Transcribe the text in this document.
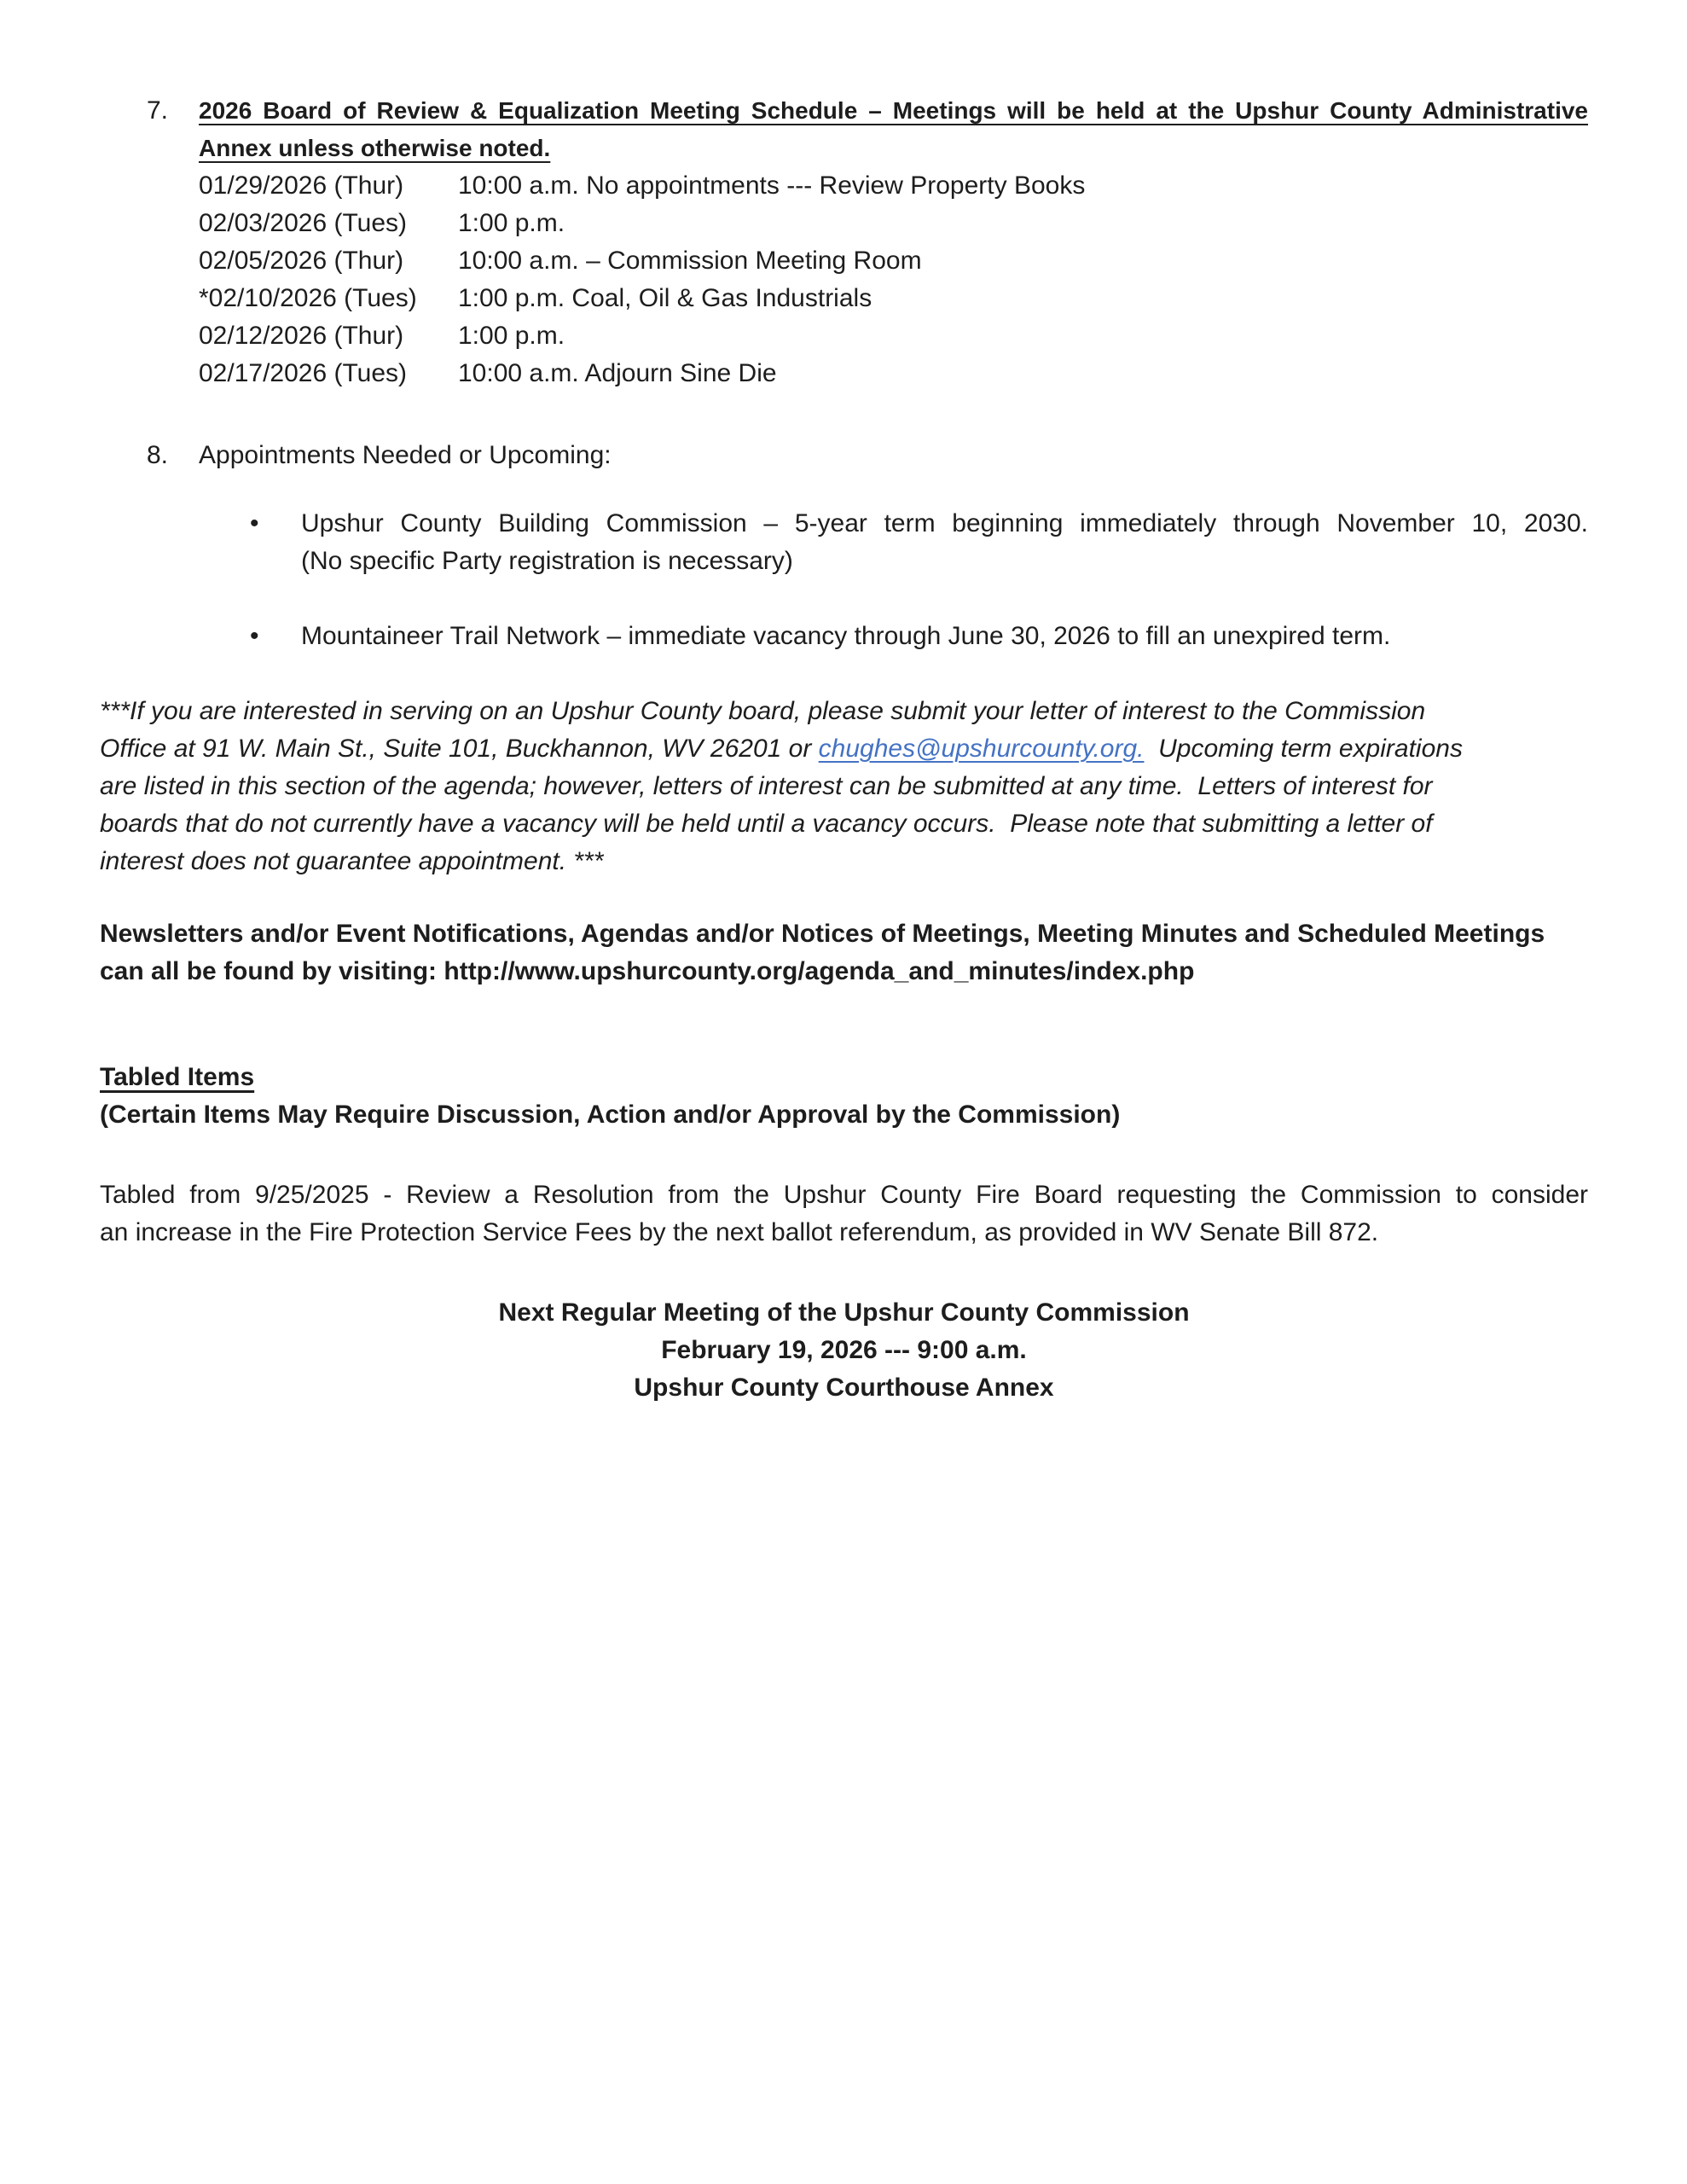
7.	2026 Board of Review & Equalization Meeting Schedule – Meetings will be held at the Upshur County Administrative
Annex unless otherwise noted.
01/29/2026 (Thur)	10:00 a.m. No appointments --- Review Property Books
02/03/2026 (Tues)	1:00 p.m.
02/05/2026 (Thur)	10:00 a.m. – Commission Meeting Room
*02/10/2026 (Tues)	1:00 p.m. Coal, Oil & Gas Industrials
02/12/2026 (Thur)	1:00 p.m.
02/17/2026 (Tues)	10:00 a.m. Adjourn Sine Die
8.	Appointments Needed or Upcoming:
•	Upshur County Building Commission – 5-year term beginning immediately through November 10, 2030.
(No specific Party registration is necessary)
•	Mountaineer Trail Network – immediate vacancy through June 30, 2026 to fill an unexpired term.
***If you are interested in serving on an Upshur County board, please submit your letter of interest to the Commission
Office at 91 W. Main St., Suite 101, Buckhannon, WV 26201 or chughes@upshurcounty.org.  Upcoming term expirations
are listed in this section of the agenda; however, letters of interest can be submitted at any time.  Letters of interest for
boards that do not currently have a vacancy will be held until a vacancy occurs.  Please note that submitting a letter of
interest does not guarantee appointment. ***
Newsletters and/or Event Notifications, Agendas and/or Notices of Meetings, Meeting Minutes and Scheduled Meetings
can all be found by visiting: http://www.upshurcounty.org/agenda_and_minutes/index.php
Tabled Items
(Certain Items May Require Discussion, Action and/or Approval by the Commission)
Tabled from 9/25/2025 - Review a Resolution from the Upshur County Fire Board requesting the Commission to consider
an increase in the Fire Protection Service Fees by the next ballot referendum, as provided in WV Senate Bill 872.
Next Regular Meeting of the Upshur County Commission
February 19, 2026 --- 9:00 a.m.
Upshur County Courthouse Annex
